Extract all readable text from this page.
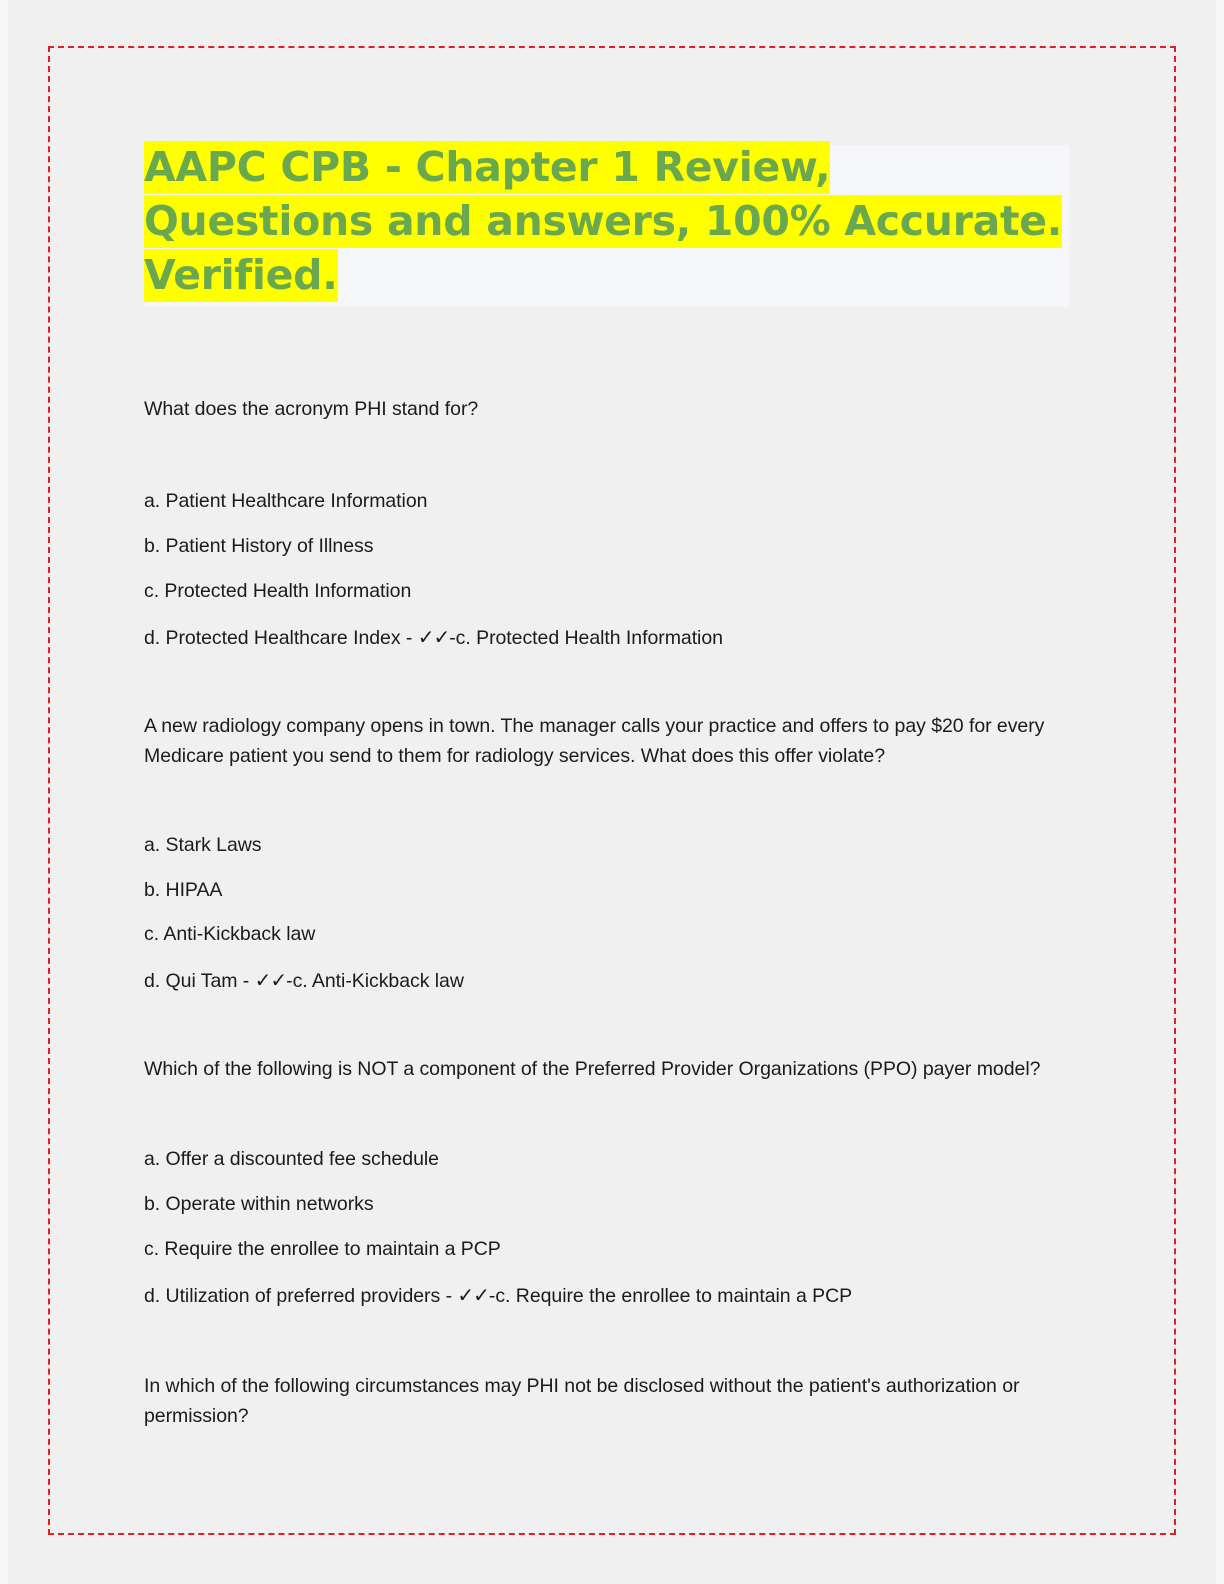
AAPC CPB - Chapter 1 Review,
Questions and answers, 100% Accurate.
Verified.
What does the acronym PHI stand for?
a. Patient Healthcare Information
b. Patient History of Illness
c. Protected Health Information
d. Protected Healthcare Index - ✓✓-c. Protected Health Information
A new radiology company opens in town. The manager calls your practice and offers to pay $20 for every Medicare patient you send to them for radiology services. What does this offer violate?
a. Stark Laws
b. HIPAA
c. Anti-Kickback law
d. Qui Tam - ✓✓-c. Anti-Kickback law
Which of the following is NOT a component of the Preferred Provider Organizations (PPO) payer model?
a. Offer a discounted fee schedule
b. Operate within networks
c. Require the enrollee to maintain a PCP
d. Utilization of preferred providers - ✓✓-c. Require the enrollee to maintain a PCP
In which of the following circumstances may PHI not be disclosed without the patient's authorization or permission?
